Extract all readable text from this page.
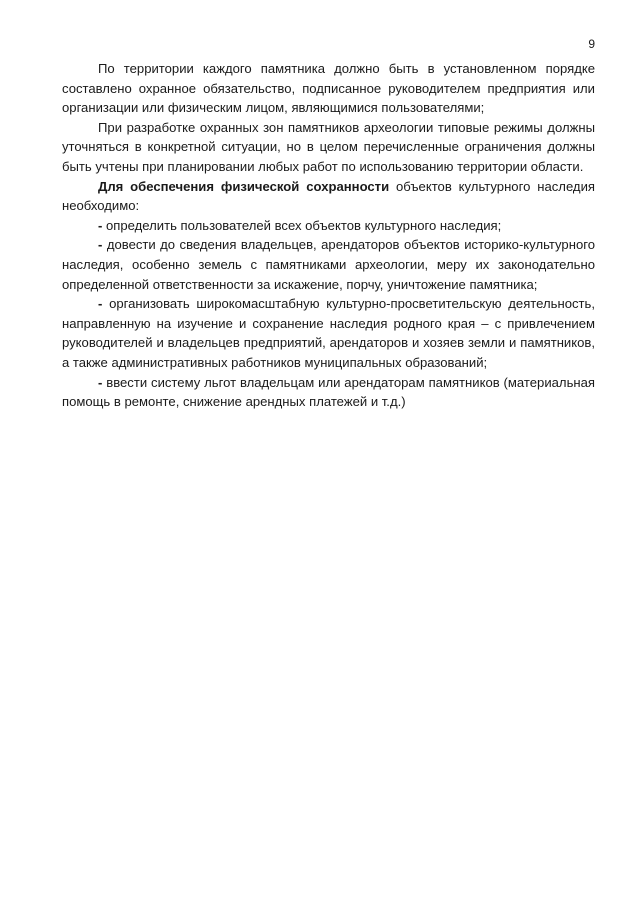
9

По территории каждого памятника должно быть в установленном порядке составлено охранное обязательство, подписанное руководителем предприятия или организации или физическим лицом, являющимися пользователями;

При разработке охранных зон памятников археологии типовые режимы должны уточняться в конкретной ситуации, но в целом перечисленные ограничения должны быть учтены при планировании любых работ по использованию территории области.

Для обеспечения физической сохранности объектов культурного наследия необходимо:

- определить пользователей всех объектов культурного наследия;

- довести до сведения владельцев, арендаторов объектов историко-культурного наследия, особенно земель с памятниками археологии, меру их законодательно определенной ответственности за искажение, порчу, уничтожение памятника;

- организовать широкомасштабную культурно-просветительскую деятельность, направленную на изучение и сохранение наследия родного края – с привлечением руководителей и владельцев предприятий, арендаторов и хозяев земли и памятников, а также административных работников муниципальных образований;

- ввести систему льгот владельцам или арендаторам памятников (материальная помощь в ремонте, снижение арендных платежей и т.д.)
